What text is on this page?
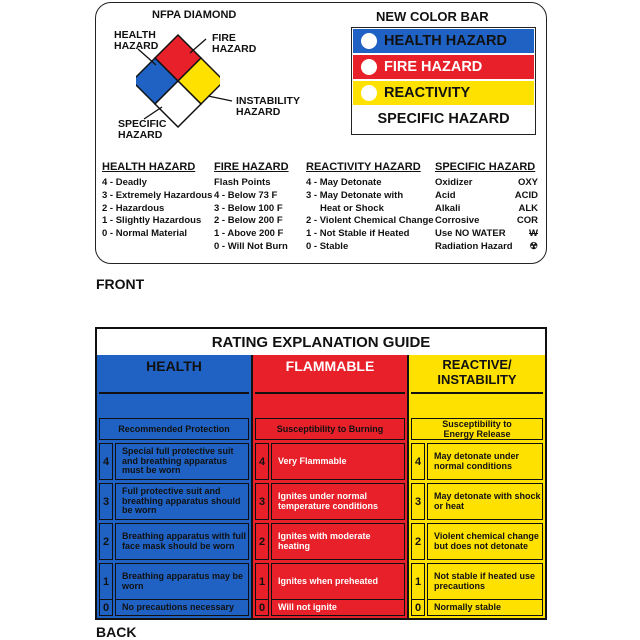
NFPA DIAMOND
HEALTH
HAZARD
FIRE
HAZARD
INSTABILITY
HAZARD
SPECIFIC
HAZARD
NEW COLOR BAR
HEALTH HAZARD
FIRE HAZARD
REACTIVITY
SPECIFIC HAZARD
HEALTH HAZARD
4 - Deadly
3 - Extremely Hazardous
2 - Hazardous
1 - Slightly Hazardous
0 - Normal Material
FIRE HAZARD
Flash Points
4 - Below 73 F
3 - Below 100 F
2 - Below 200 F
1 - Above 200 F
0 - Will Not Burn
REACTIVITY HAZARD
4 - May Detonate
3 - May Detonate with
Heat or Shock
2 - Violent Chemical Change
1 - Not Stable if Heated
0 - Stable
SPECIFIC HAZARD
Oxidizer	OXY
Acid	ACID
Alkali	ALK
Corrosive	COR
Use NO WATER W
Radiation Hazard ☢
FRONT
RATING EXPLANATION GUIDE
HEALTH
Recommended Protection
4
Special full protective suit and breathing apparatus must be worn
3
Full protective suit and breathing apparatus should be worn
2	Breathing apparatus with full face mask should be worn
1	Breathing apparatus may be worn
0	No precautions necessary
FLAMMABLE
Susceptibility to Burning
4	Very Flammable
3	Ignites under normal temperature conditions
2	Ignites with moderate heating
1	Ignites when preheated
0	Will not ignite
REACTIVE/
INSTABILITY
Susceptibility to
Energy Release
4	May detonate under normal conditions
3	May detonate with shock or heat
2	Violent chemical change but does not detonate
1	Not stable if heated use precautions
0	Normally stable
BACK
